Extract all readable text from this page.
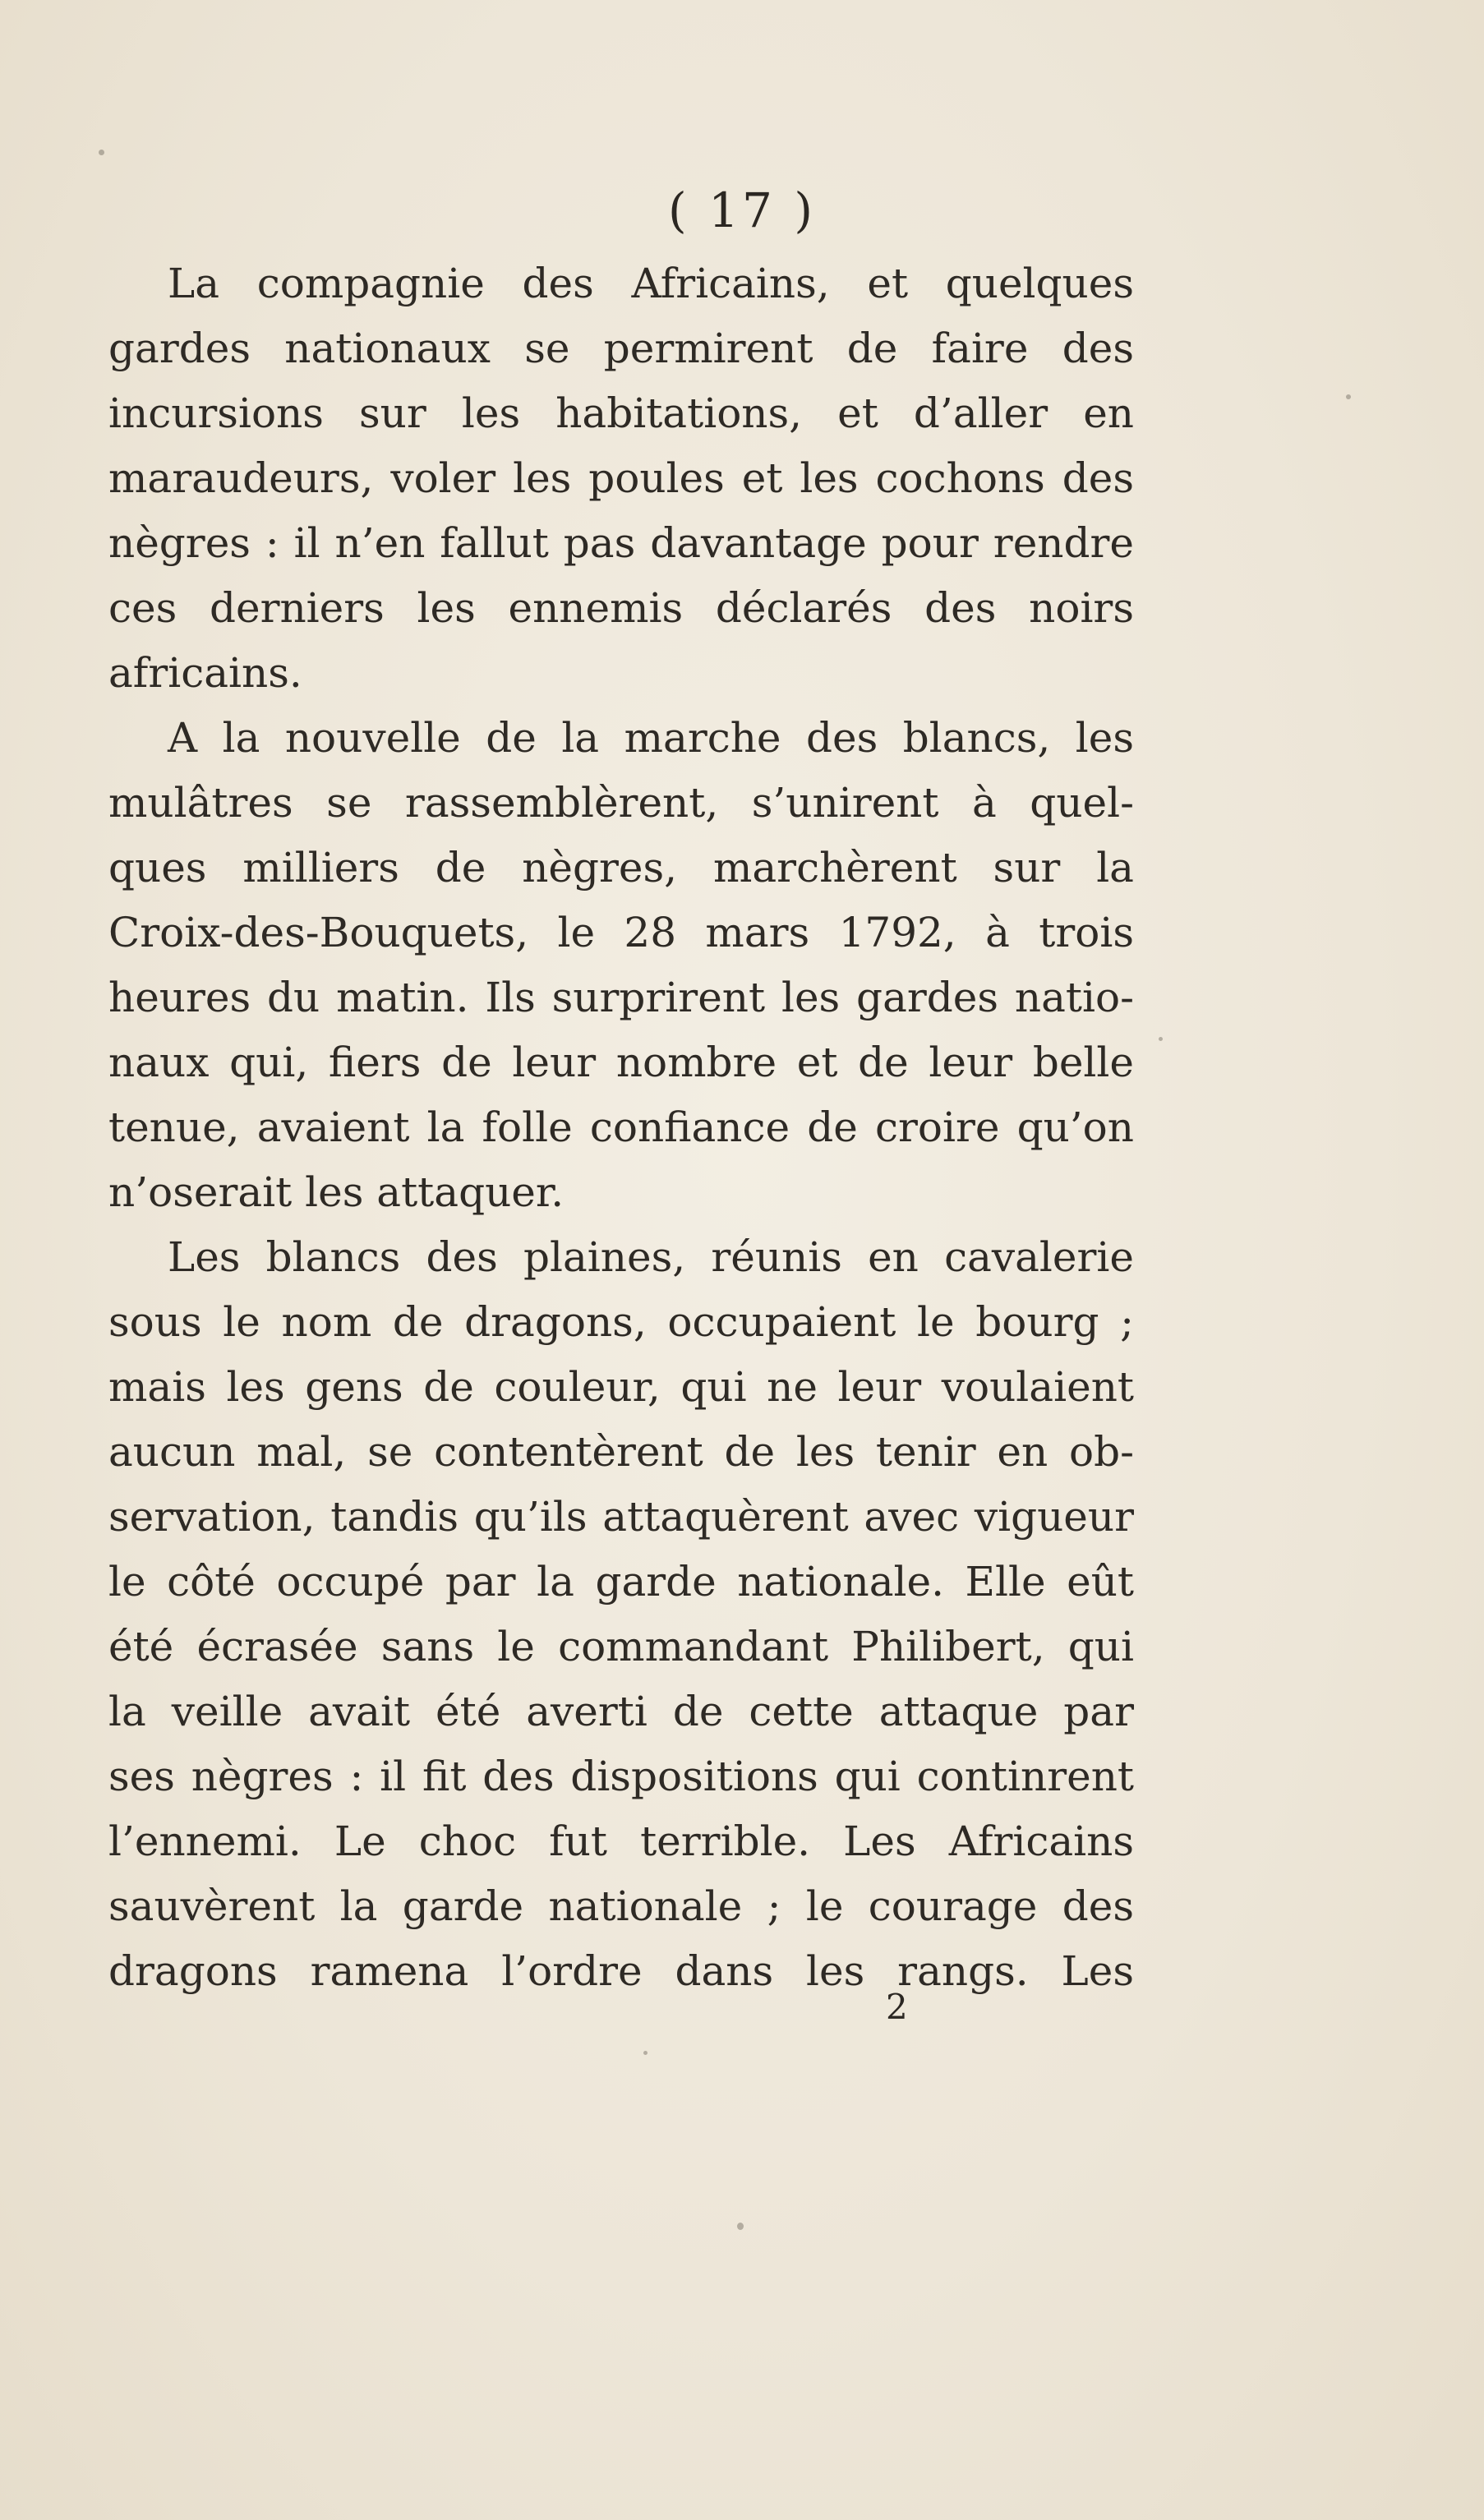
( 17 )

La compagnie des Africains, et quelques
gardes nationaux se permirent de faire des
incursions sur les habitations, et d’aller en
maraudeurs, voler les poules et les cochons des
nègres : il n’en fallut pas davantage pour rendre
ces derniers les ennemis déclarés des noirs
africains.
A la nouvelle de la marche des blancs, les
mulâtres se rassemblèrent, s’unirent à quel-
ques milliers de nègres, marchèrent sur la
Croix-des-Bouquets, le 28 mars 1792, à trois
heures du matin. Ils surprirent les gardes natio-
naux qui, fiers de leur nombre et de leur belle
tenue, avaient la folle confiance de croire qu’on
n’oserait les attaquer.
Les blancs des plaines, réunis en cavalerie
sous le nom de dragons, occupaient le bourg ;
mais les gens de couleur, qui ne leur voulaient
aucun mal, se contentèrent de les tenir en ob-
servation, tandis qu’ils attaquèrent avec vigueur
le côté occupé par la garde nationale. Elle eût
été écrasée sans le commandant Philibert, qui
la veille avait été averti de cette attaque par
ses nègres : il fit des dispositions qui continrent
l’ennemi. Le choc fut terrible. Les Africains
sauvèrent la garde nationale ; le courage des
dragons ramena l’ordre dans les rangs. Les

2
